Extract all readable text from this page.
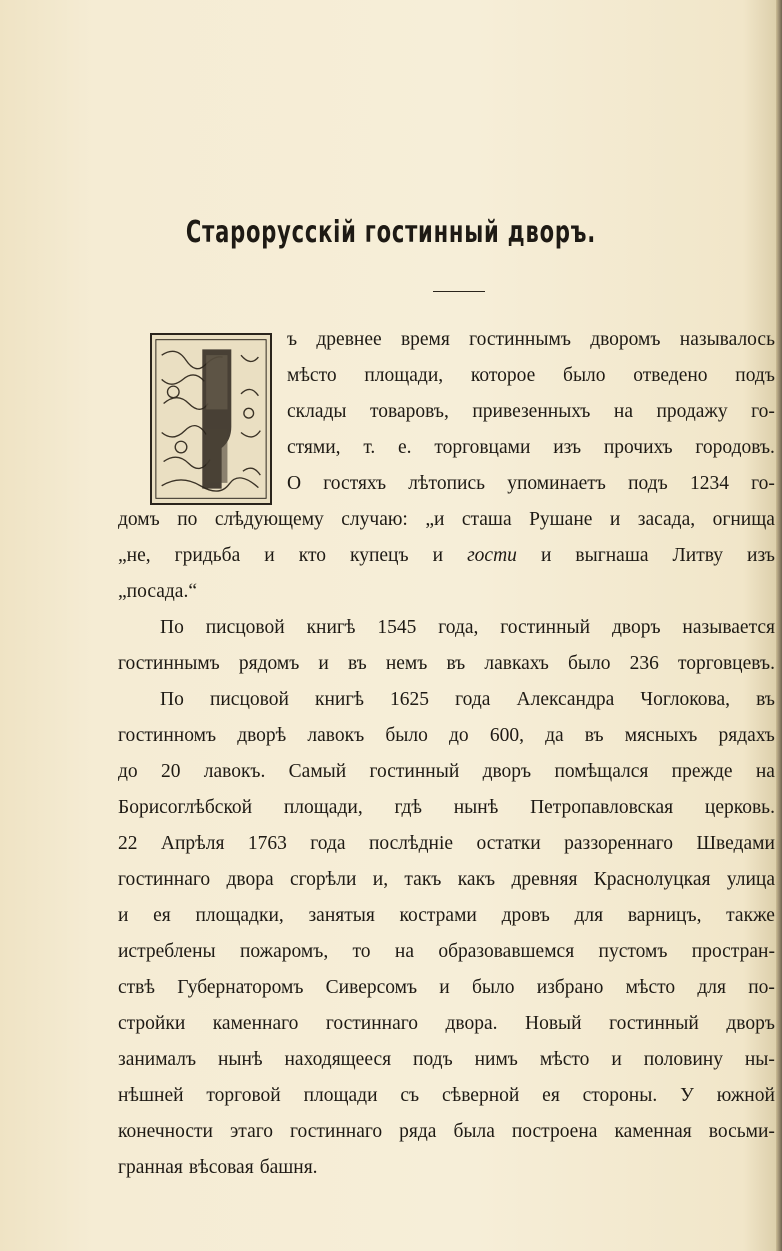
Старорусскій гостинный дворъ.
ъ древнее время гостиннымъ дворомъ называлось
мѣсто площади, которое было отведено подъ
склады товаровъ, привезенныхъ на продажу го-
стями, т. е. торговцами изъ прочихъ городовъ.
О гостяхъ лѣтопись упоминаетъ подъ 1234 го-
домъ по слѣдующему случаю: „и сташа Рушане и засада, огнища
„не, гридьба и кто купецъ и гости и выгнаша Литву изъ
„посада.“
По писцовой книгѣ 1545 года, гостинный дворъ называется
гостиннымъ рядомъ и въ немъ въ лавкахъ было 236 торговцевъ.
По писцовой книгѣ 1625 года Александра Чоглокова, въ
гостинномъ дворѣ лавокъ было до 600, да въ мясныхъ рядахъ
до 20 лавокъ. Самый гостинный дворъ помѣщался прежде на
Борисоглѣбской площади, гдѣ нынѣ Петропавловская церковь.
22 Апрѣля 1763 года послѣдніе остатки раззореннаго Шведами
гостиннаго двора сгорѣли и, такъ какъ древняя Краснолуцкая улица
и ея площадки, занятыя кострами дровъ для варницъ, также
истреблены пожаромъ, то на образовавшемся пустомъ простран-
ствѣ Губернаторомъ Сиверсомъ и было избрано мѣсто для по-
стройки каменнаго гостиннаго двора. Новый гостинный дворъ
занималъ нынѣ находящееся подъ нимъ мѣсто и половину ны-
нѣшней торговой площади съ сѣверной ея стороны. У южной
конечности этаго гостиннаго ряда была построена каменная восьми-
гранная вѣсовая башня.
